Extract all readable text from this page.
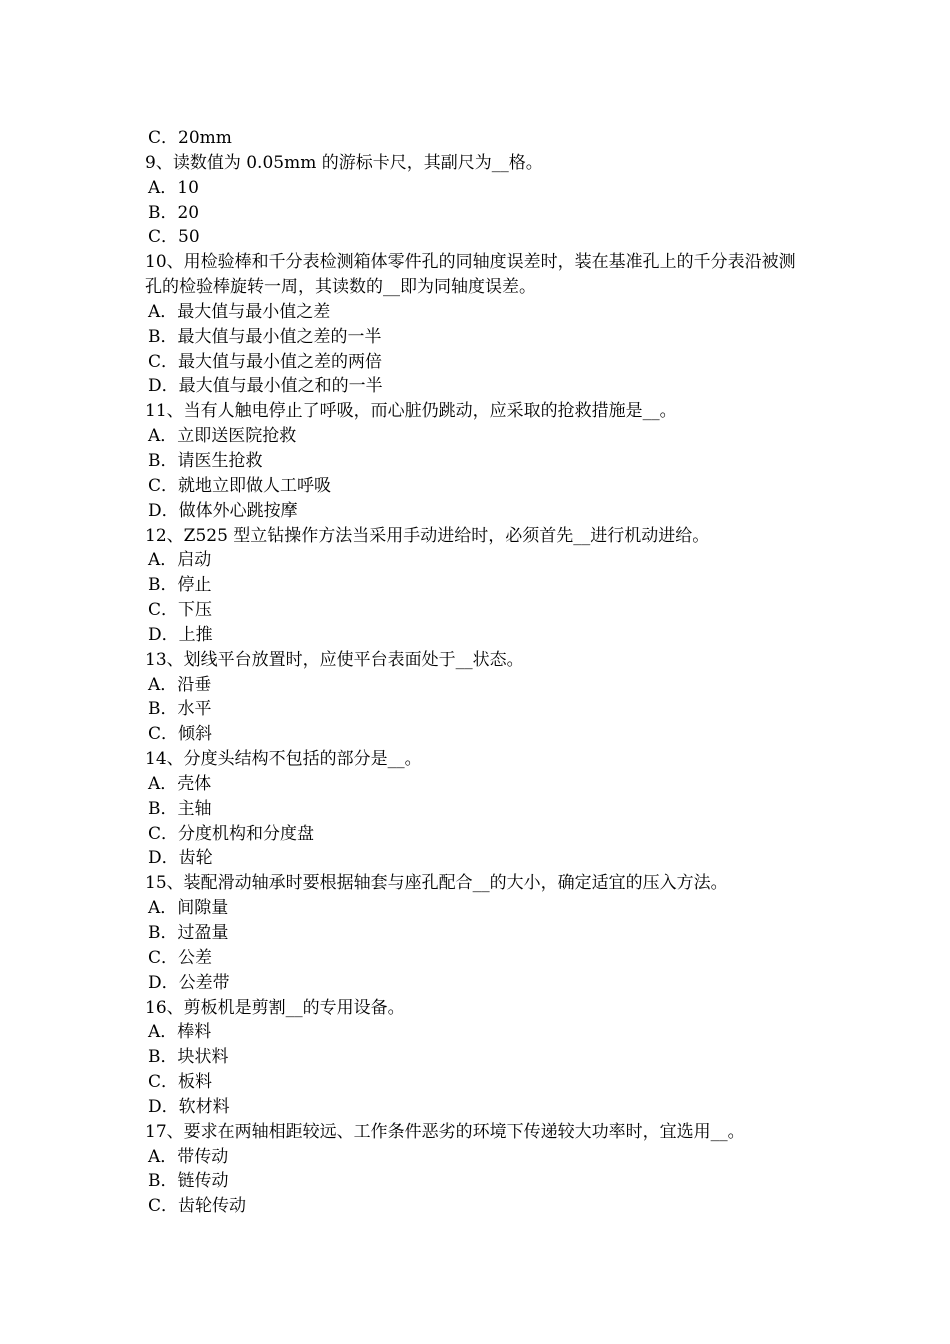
C．20mm
9、读数值为 0.05mm 的游标卡尺，其副尺为__格。
A．10
B．20
C．50
10、用检验棒和千分表检测箱体零件孔的同轴度误差时，装在基准孔上的千分表沿被测孔的检验棒旋转一周，其读数的__即为同轴度误差。
A．最大值与最小值之差
B．最大值与最小值之差的一半
C．最大值与最小值之差的两倍
D．最大值与最小值之和的一半
11、当有人触电停止了呼吸，而心脏仍跳动，应采取的抢救措施是__。
A．立即送医院抢救
B．请医生抢救
C．就地立即做人工呼吸
D．做体外心跳按摩
12、Z525 型立钻操作方法当采用手动进给时，必须首先__进行机动进给。
A．启动
B．停止
C．下压
D．上推
13、划线平台放置时，应使平台表面处于__状态。
A．沿垂
B．水平
C．倾斜
14、分度头结构不包括的部分是__。
A．壳体
B．主轴
C．分度机构和分度盘
D．齿轮
15、装配滑动轴承时要根据轴套与座孔配合__的大小，确定适宜的压入方法。
A．间隙量
B．过盈量
C．公差
D．公差带
16、剪板机是剪割__的专用设备。
A．棒料
B．块状料
C．板料
D．软材料
17、要求在两轴相距较远、工作条件恶劣的环境下传递较大功率时，宜选用__。
A．带传动
B．链传动
C．齿轮传动
